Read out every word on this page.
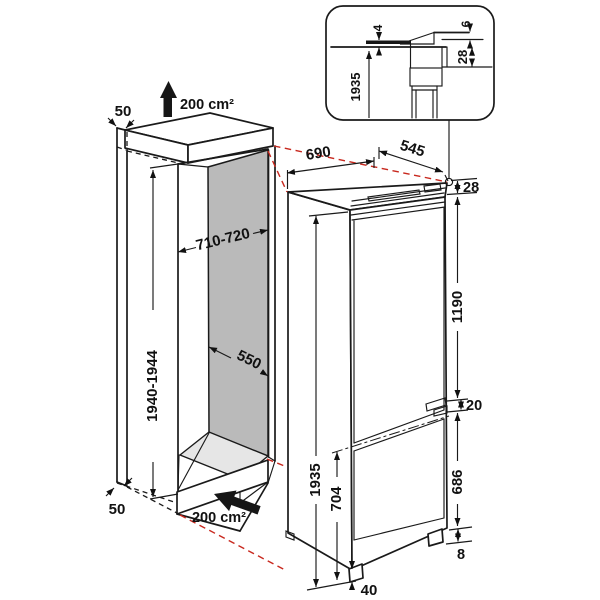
50	200 cm²
1940-1944
710-720
550
200 cm²
50
690	545
28
1190
20
686
8
1935
704
40
1935
4
6
28
